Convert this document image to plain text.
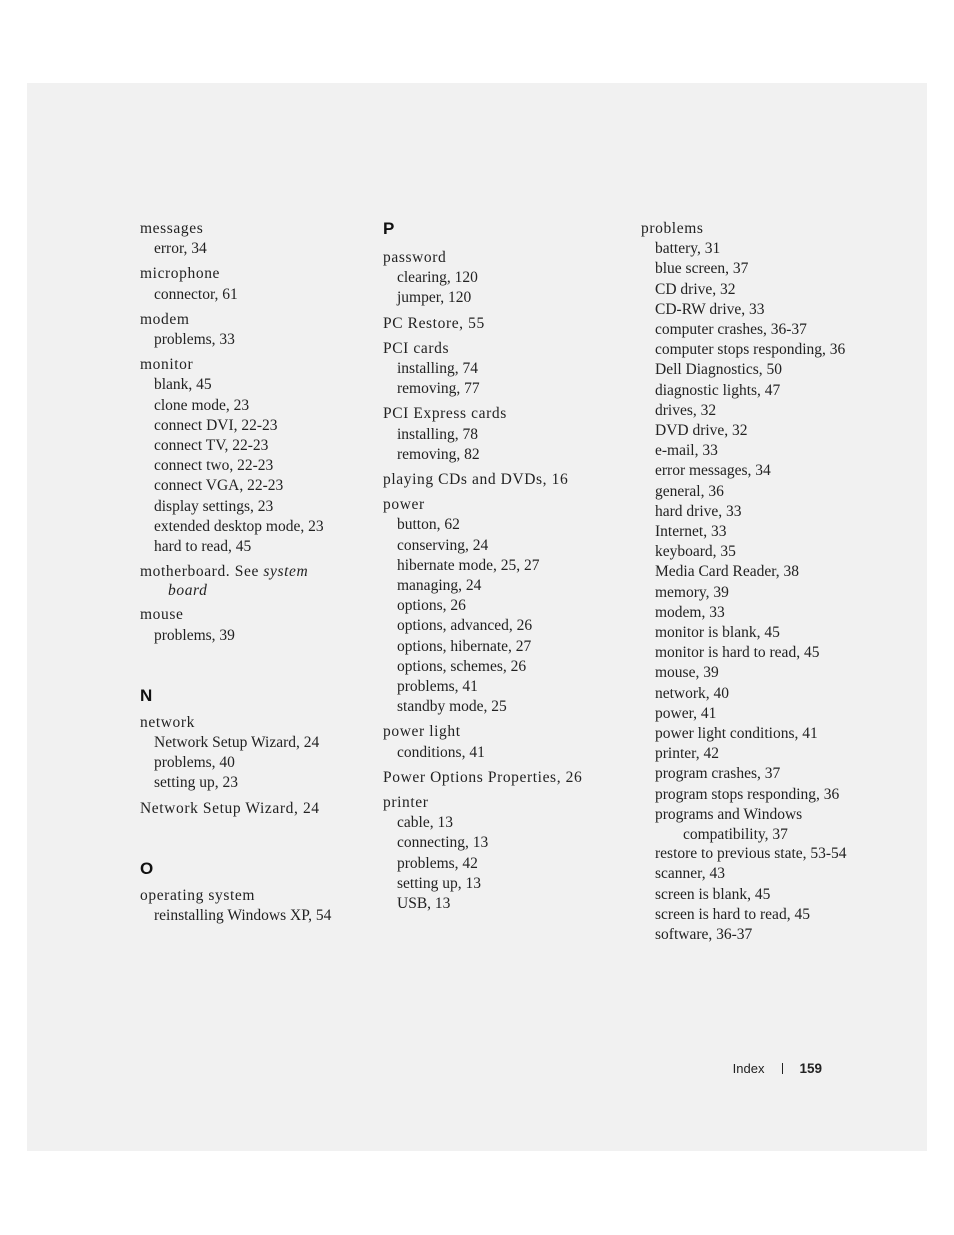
messages
error, 34
microphone
connector, 61
modem
problems, 33
monitor
blank, 45
clone mode, 23
connect DVI, 22-23
connect TV, 22-23
connect two, 22-23
connect VGA, 22-23
display settings, 23
extended desktop mode, 23
hard to read, 45
motherboard. See system
board
mouse
problems, 39
N
network
Network Setup Wizard, 24
problems, 40
setting up, 23
Network Setup Wizard, 24
O
operating system
reinstalling Windows XP, 54
P
password
clearing, 120
jumper, 120
PC Restore, 55
PCI cards
installing, 74
removing, 77
PCI Express cards
installing, 78
removing, 82
playing CDs and DVDs, 16
power
button, 62
conserving, 24
hibernate mode, 25, 27
managing, 24
options, 26
options, advanced, 26
options, hibernate, 27
options, schemes, 26
problems, 41
standby mode, 25
power light
conditions, 41
Power Options Properties, 26
printer
cable, 13
connecting, 13
problems, 42
setting up, 13
USB, 13
problems
battery, 31
blue screen, 37
CD drive, 32
CD-RW drive, 33
computer crashes, 36-37
computer stops responding, 36
Dell Diagnostics, 50
diagnostic lights, 47
drives, 32
DVD drive, 32
e-mail, 33
error messages, 34
general, 36
hard drive, 33
Internet, 33
keyboard, 35
Media Card Reader, 38
memory, 39
modem, 33
monitor is blank, 45
monitor is hard to read, 45
mouse, 39
network, 40
power, 41
power light conditions, 41
printer, 42
program crashes, 37
program stops responding, 36
programs and Windows
compatibility, 37
restore to previous state, 53-54
scanner, 43
screen is blank, 45
screen is hard to read, 45
software, 36-37
Index	159
